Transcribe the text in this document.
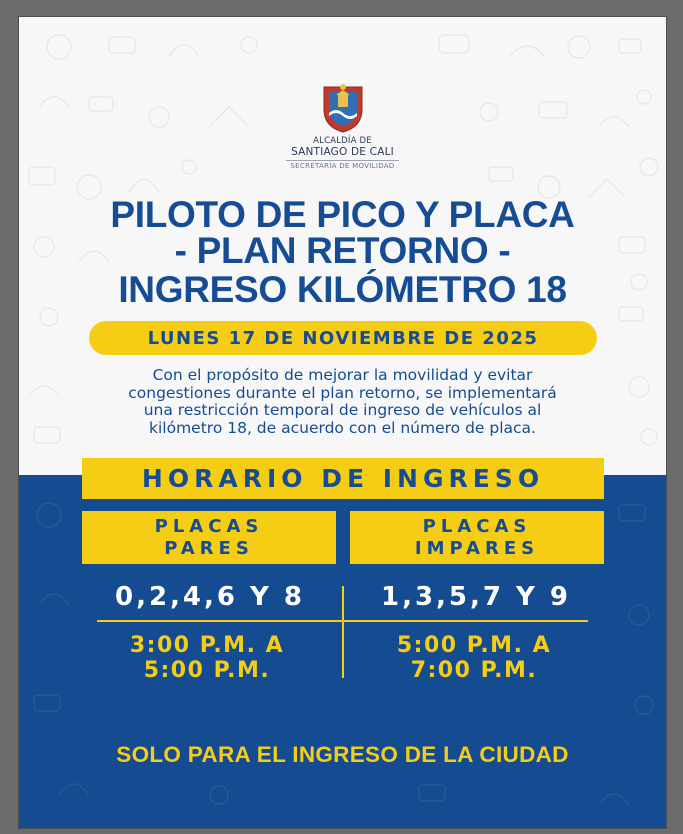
ALCALDÍA DE
SANTIAGO DE CALI
SECRETARÍA DE MOVILIDAD
PILOTO DE PICO Y PLACA
- PLAN RETORNO -
INGRESO KILÓMETRO 18
LUNES 17 DE NOVIEMBRE DE 2025
Con el propósito de mejorar la movilidad y evitar
congestiones durante el plan retorno, se implementará
una restricción temporal de ingreso de vehículos al
kilómetro 18, de acuerdo con el número de placa.
HORARIO DE INGRESO
PLACAS
PARES
PLACAS
IMPARES
0,2,4,6 Y 8	1,3,5,7 Y 9
3:00 P.M. A
5:00 P.M.
5:00 P.M. A
7:00 P.M.
SOLO PARA EL INGRESO DE LA CIUDAD
